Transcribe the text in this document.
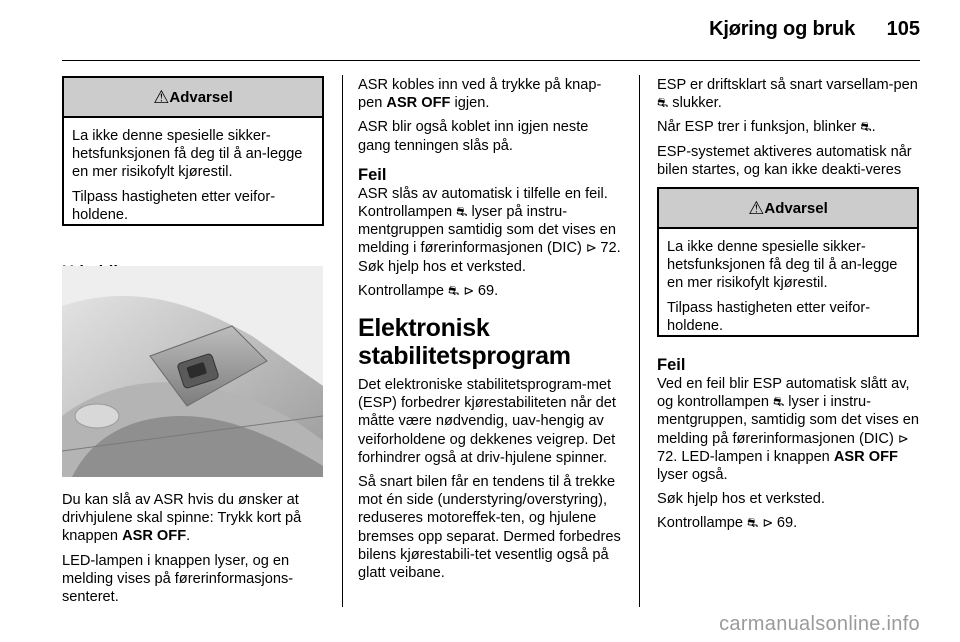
Kjøring og bruk 105
⚠Advarsel

La ikke denne spesielle sikker-hetsfunksjonen få deg til å an-legge en mer risikofylt kjørestil.

Tilpass hastigheten etter veifor-holdene.

Du kan slå av ASR hvis du ønsker at drivhjulene skal spinne: Trykk kort på knappen ASR OFF.

LED-lampen i knappen lyser, og en melding vises på førerinformasjons-senteret.

ASR kobles inn ved å trykke på knap-pen ASR OFF igjen.

ASR blir også koblet inn igjen neste gang tenningen slås på.

Feil

ASR slås av automatisk i tilfelle en feil. Kontrollampen ⛐ lyser på instru-mentgruppen samtidig som det vises en melding i førerinformasjonen (DIC) ⊳ 72. Søk hjelp hos et verksted.

Kontrollampe ⛐ ⊳ 69.

Elektronisk
stabilitetsprogram

Det elektroniske stabilitetsprogram-met (ESP) forbedrer kjørestabiliteten når det måtte være nødvendig, uav-hengig av veiforholdene og dekkenes veigrep. Det forhindrer også at driv-hjulene spinner.

Så snart bilen får en tendens til å trekke mot én side (understyring/overstyring), reduseres motoreffek-ten, og hjulene bremses opp separat. Dermed forbedres bilens kjørestabili-tet vesentlig også på glatt veibane.

ESP er driftsklart så snart varsellam-pen ⛐ slukker.

Når ESP trer i funksjon, blinker ⛐.

ESP-systemet aktiveres automatisk når bilen startes, og kan ikke deakti-veres

⚠Advarsel

La ikke denne spesielle sikker-hetsfunksjonen få deg til å an-legge en mer risikofylt kjørestil.

Tilpass hastigheten etter veifor-holdene.

Feil

Ved en feil blir ESP automatisk slått av, og kontrollampen ⛐ lyser i instru-mentgruppen, samtidig som det vises en melding på førerinformasjonen (DIC) ⊳ 72. LED-lampen i knappen ASR OFF lyser også.

Søk hjelp hos et verksted.

Kontrollampe ⛐ ⊳ 69.

carmanualsonline.info
